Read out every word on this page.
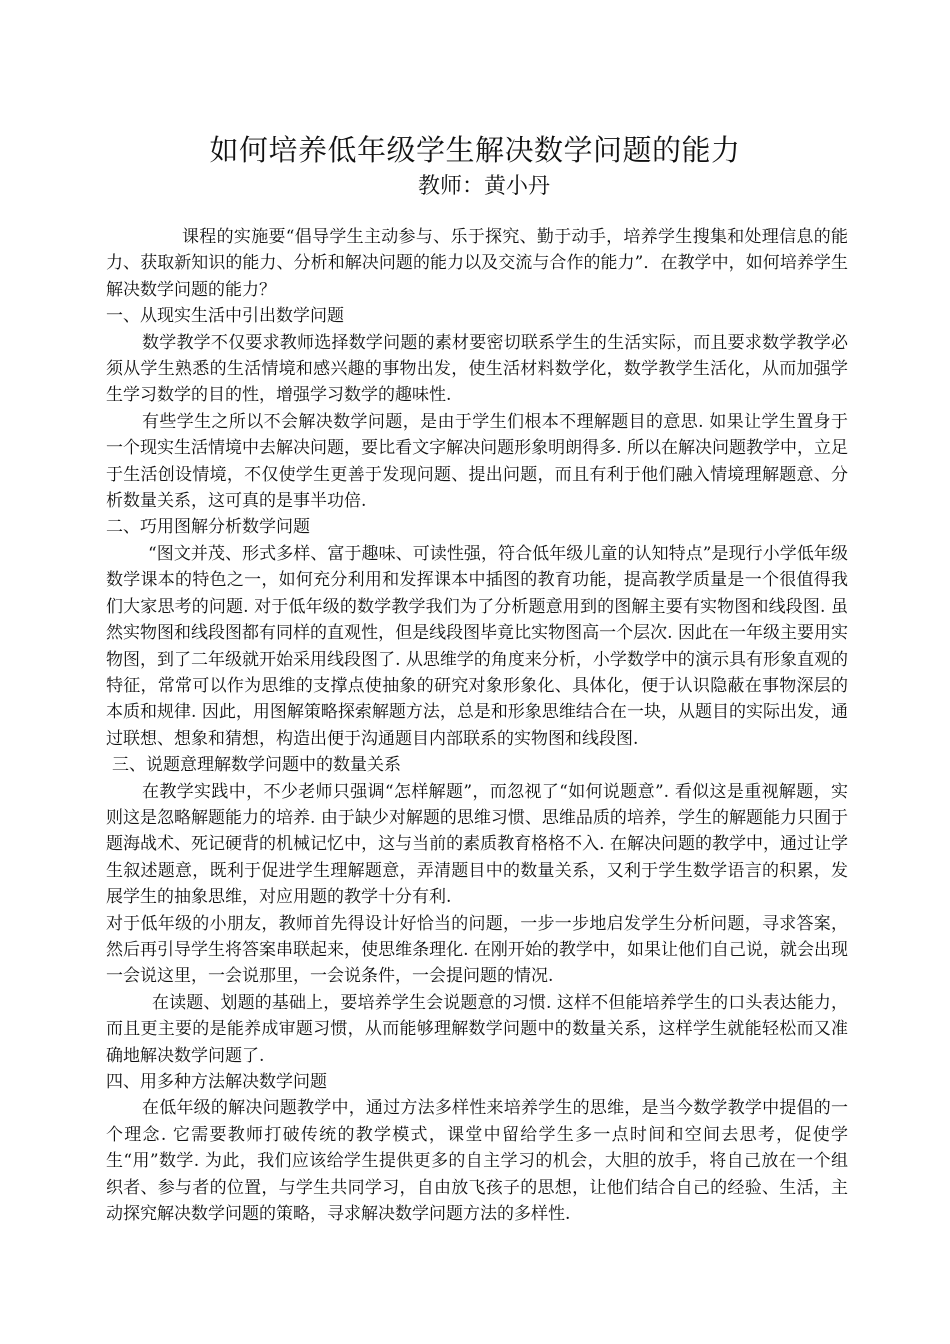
如何培养低年级学生解决数学问题的能力
教师：黄小丹

课程的实施要“倡导学生主动参与、乐于探究、勤于动手，培养学生搜集和处理信息的能力、获取新知识的能力、分析和解决问题的能力以及交流与合作的能力”．在教学中，如何培养学生解决数学问题的能力？

一、从现实生活中引出数学问题

数学教学不仅要求教师选择数学问题的素材要密切联系学生的生活实际，而且要求数学教学必须从学生熟悉的生活情境和感兴趣的事物出发，使生活材料数学化，数学教学生活化，从而加强学生学习数学的目的性，增强学习数学的趣味性.

有些学生之所以不会解决数学问题，是由于学生们根本不理解题目的意思. 如果让学生置身于一个现实生活情境中去解决问题，要比看文字解决问题形象明朗得多. 所以在解决问题教学中，立足于生活创设情境，不仅使学生更善于发现问题、提出问题，而且有利于他们融入情境理解题意、分析数量关系，这可真的是事半功倍.

二、巧用图解分析数学问题

“图文并茂、形式多样、富于趣味、可读性强，符合低年级儿童的认知特点”是现行小学低年级数学课本的特色之一，如何充分利用和发挥课本中插图的教育功能，提高教学质量是一个很值得我们大家思考的问题. 对于低年级的数学教学我们为了分析题意用到的图解主要有实物图和线段图. 虽然实物图和线段图都有同样的直观性，但是线段图毕竟比实物图高一个层次. 因此在一年级主要用实物图，到了二年级就开始采用线段图了. 从思维学的角度来分析，小学数学中的演示具有形象直观的特征，常常可以作为思维的支撑点使抽象的研究对象形象化、具体化，便于认识隐蔽在事物深层的本质和规律. 因此，用图解策略探索解题方法，总是和形象思维结合在一块，从题目的实际出发，通过联想、想象和猜想，构造出便于沟通题目内部联系的实物图和线段图.

三、说题意理解数学问题中的数量关系

在教学实践中，不少老师只强调“怎样解题”，而忽视了“如何说题意”. 看似这是重视解题，实则这是忽略解题能力的培养. 由于缺少对解题的思维习惯、思维品质的培养，学生的解题能力只囿于题海战术、死记硬背的机械记忆中，这与当前的素质教育格格不入. 在解决问题的教学中，通过让学生叙述题意，既利于促进学生理解题意，弄清题目中的数量关系，又利于学生数学语言的积累，发展学生的抽象思维，对应用题的教学十分有利.

对于低年级的小朋友，教师首先得设计好恰当的问题，一步一步地启发学生分析问题，寻求答案，然后再引导学生将答案串联起来，使思维条理化. 在刚开始的教学中，如果让他们自己说，就会出现一会说这里，一会说那里，一会说条件，一会提问题的情况.

在读题、划题的基础上，要培养学生会说题意的习惯. 这样不但能培养学生的口头表达能力，而且更主要的是能养成审题习惯，从而能够理解数学问题中的数量关系，这样学生就能轻松而又准确地解决数学问题了.

四、用多种方法解决数学问题

在低年级的解决问题教学中，通过方法多样性来培养学生的思维，是当今数学教学中提倡的一个理念. 它需要教师打破传统的教学模式，课堂中留给学生多一点时间和空间去思考，促使学生“用”数学. 为此，我们应该给学生提供更多的自主学习的机会，大胆的放手，将自己放在一个组织者、参与者的位置，与学生共同学习，自由放飞孩子的思想，让他们结合自己的经验、生活，主动探究解决数学问题的策略，寻求解决数学问题方法的多样性.
